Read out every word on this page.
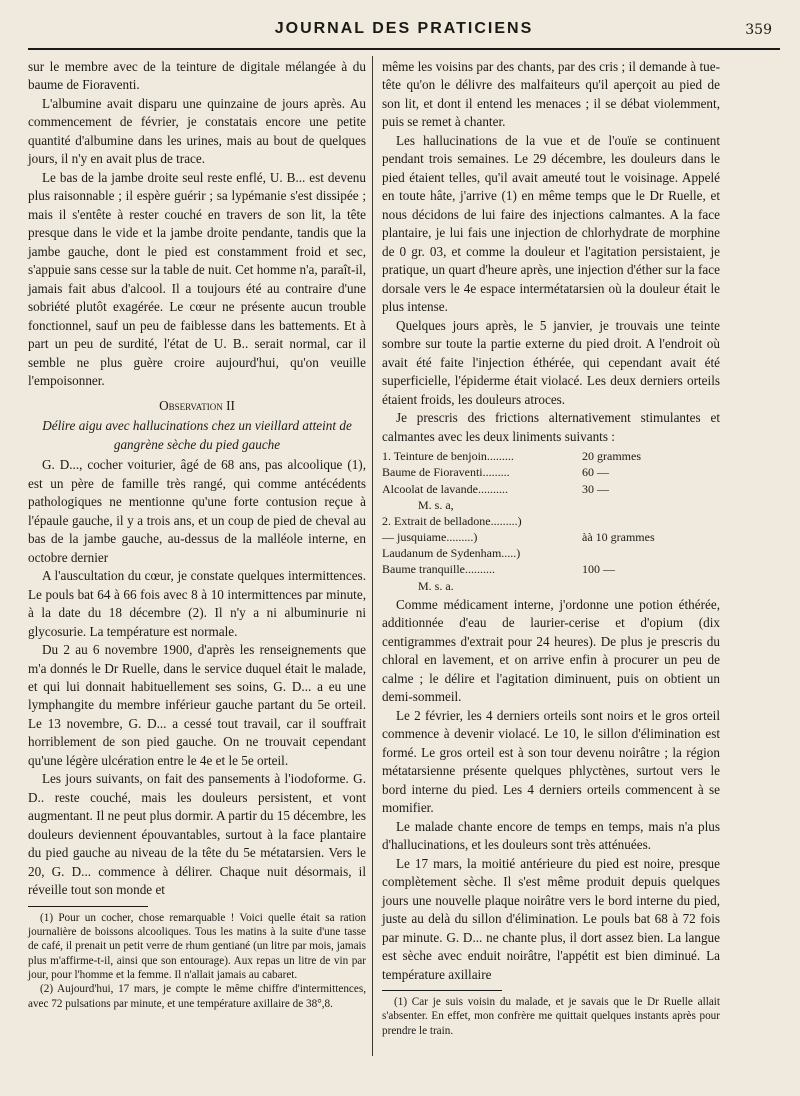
JOURNAL DES PRATICIENS	359

sur le membre avec de la teinture de digitale mélangée à du baume de Fioraventi.

L'albumine avait disparu une quinzaine de jours après. Au commencement de février, je constatais encore une petite quantité d'albumine dans les urines, mais au bout de quelques jours, il n'y en avait plus de trace.

Le bas de la jambe droite seul reste enflé, U. B... est devenu plus raisonnable ; il espère guérir ; sa lypémanie s'est dissipée ; mais il s'entête à rester couché en travers de son lit, la tête presque dans le vide et la jambe droite pendante, tandis que la jambe gauche, dont le pied est constamment froid et sec, s'appuie sans cesse sur la table de nuit. Cet homme n'a, paraît-il, jamais fait abus d'alcool. Il a toujours été au contraire d'une sobriété plutôt exagérée. Le cœur ne présente aucun trouble fonctionnel, sauf un peu de faiblesse dans les battements. Et à part un peu de surdité, l'état de U. B.. serait normal, car il semble ne plus guère croire aujourd'hui, qu'on veuille l'empoisonner.

Observation II
Délire aigu avec hallucinations chez un vieillard atteint de gangrène sèche du pied gauche

G. D..., cocher voiturier, âgé de 68 ans, pas alcoolique (1), est un père de famille très rangé, qui comme antécédents pathologiques ne mentionne qu'une forte contusion reçue à l'épaule gauche, il y a trois ans, et un coup de pied de cheval au bas de la jambe gauche, au-dessus de la malléole interne, en octobre dernier

A l'auscultation du cœur, je constate quelques intermittences. Le pouls bat 64 à 66 fois avec 8 à 10 intermittences par minute, à la date du 18 décembre (2). Il n'y a ni albuminurie ni glycosurie. La température est normale.

Du 2 au 6 novembre 1900, d'après les renseignements que m'a donnés le Dr Ruelle, dans le service duquel était le malade, et qui lui donnait habituellement ses soins, G. D... a eu une lymphangite du membre inférieur gauche partant du 5e orteil. Le 13 novembre, G. D... a cessé tout travail, car il souffrait horriblement de son pied gauche. On ne trouvait cependant qu'une légère ulcération entre le 4e et le 5e orteil.

Les jours suivants, on fait des pansements à l'iodoforme. G. D.. reste couché, mais les douleurs persistent, et vont augmentant. Il ne peut plus dormir. A partir du 15 décembre, les douleurs deviennent épouvantables, surtout à la face plantaire du pied gauche au niveau de la tête du 5e métatarsien. Vers le 20, G. D... commence à délirer. Chaque nuit désormais, il réveille tout son monde et

(1) Pour un cocher, chose remarquable ! Voici quelle était sa ration journalière de boissons alcooliques. Tous les matins à la suite d'une tasse de café, il prenait un petit verre de rhum gentiané (un litre par mois, jamais plus m'affirme-t-il, ainsi que son entourage). Aux repas un litre de vin par jour, pour l'homme et la femme. Il n'allait jamais au cabaret.

(2) Aujourd'hui, 17 mars, je compte le même chiffre d'intermittences, avec 72 pulsations par minute, et une température axillaire de 38°,8.

même les voisins par des chants, par des cris ; il demande à tue-tête qu'on le délivre des malfaiteurs qu'il aperçoit au pied de son lit, et dont il entend les menaces ; il se débat violemment, puis se remet à chanter.

Les hallucinations de la vue et de l'ouïe se continuent pendant trois semaines. Le 29 décembre, les douleurs dans le pied étaient telles, qu'il avait ameuté tout le voisinage. Appelé en toute hâte, j'arrive (1) en même temps que le Dr Ruelle, et nous décidons de lui faire des injections calmantes. A la face plantaire, je lui fais une injection de chlorhydrate de morphine de 0 gr. 03, et comme la douleur et l'agitation persistaient, je pratique, un quart d'heure après, une injection d'éther sur la face dorsale vers le 4e espace intermétatarsien où la douleur était le plus intense.

Quelques jours après, le 5 janvier, je trouvais une teinte sombre sur toute la partie externe du pied droit. A l'endroit où avait été faite l'injection éthérée, qui cependant avait été superficielle, l'épiderme était violacé. Les deux derniers orteils étaient froids, les douleurs atroces.

Je prescris des frictions alternativement stimulantes et calmantes avec les deux liniments suivants :

1. Teinture de benjoin.........	20 grammes
Baume de Fioraventi.........	60 —
Alcoolat de lavande..........	30 —
M. s. a,
2. Extrait de belladone.........)
— jusquiame.........)	àà 10 grammes
Laudanum de Sydenham.....)
Baume tranquille..........	100 —
M. s. a.

Comme médicament interne, j'ordonne une potion éthérée, additionnée d'eau de laurier-cerise et d'opium (dix centigrammes d'extrait pour 24 heures). De plus je prescris du chloral en lavement, et on arrive enfin à procurer un peu de calme ; le délire et l'agitation diminuent, puis on obtient un demi-sommeil.

Le 2 février, les 4 derniers orteils sont noirs et le gros orteil commence à devenir violacé. Le 10, le sillon d'élimination est formé. Le gros orteil est à son tour devenu noirâtre ; la région métatarsienne présente quelques phlyctènes, surtout vers le bord interne du pied. Les 4 derniers orteils commencent à se momifier.

Le malade chante encore de temps en temps, mais n'a plus d'hallucinations, et les douleurs sont très atténuées.

Le 17 mars, la moitié antérieure du pied est noire, presque complètement sèche. Il s'est même produit depuis quelques jours une nouvelle plaque noirâtre vers le bord interne du pied, juste au delà du sillon d'élimination. Le pouls bat 68 à 72 fois par minute. G. D... ne chante plus, il dort assez bien. La langue est sèche avec enduit noirâtre, l'appétit est bien diminué. La température axillaire

(1) Car je suis voisin du malade, et je savais que le Dr Ruelle allait s'absenter. En effet, mon confrère me quittait quelques instants après pour prendre le train.
